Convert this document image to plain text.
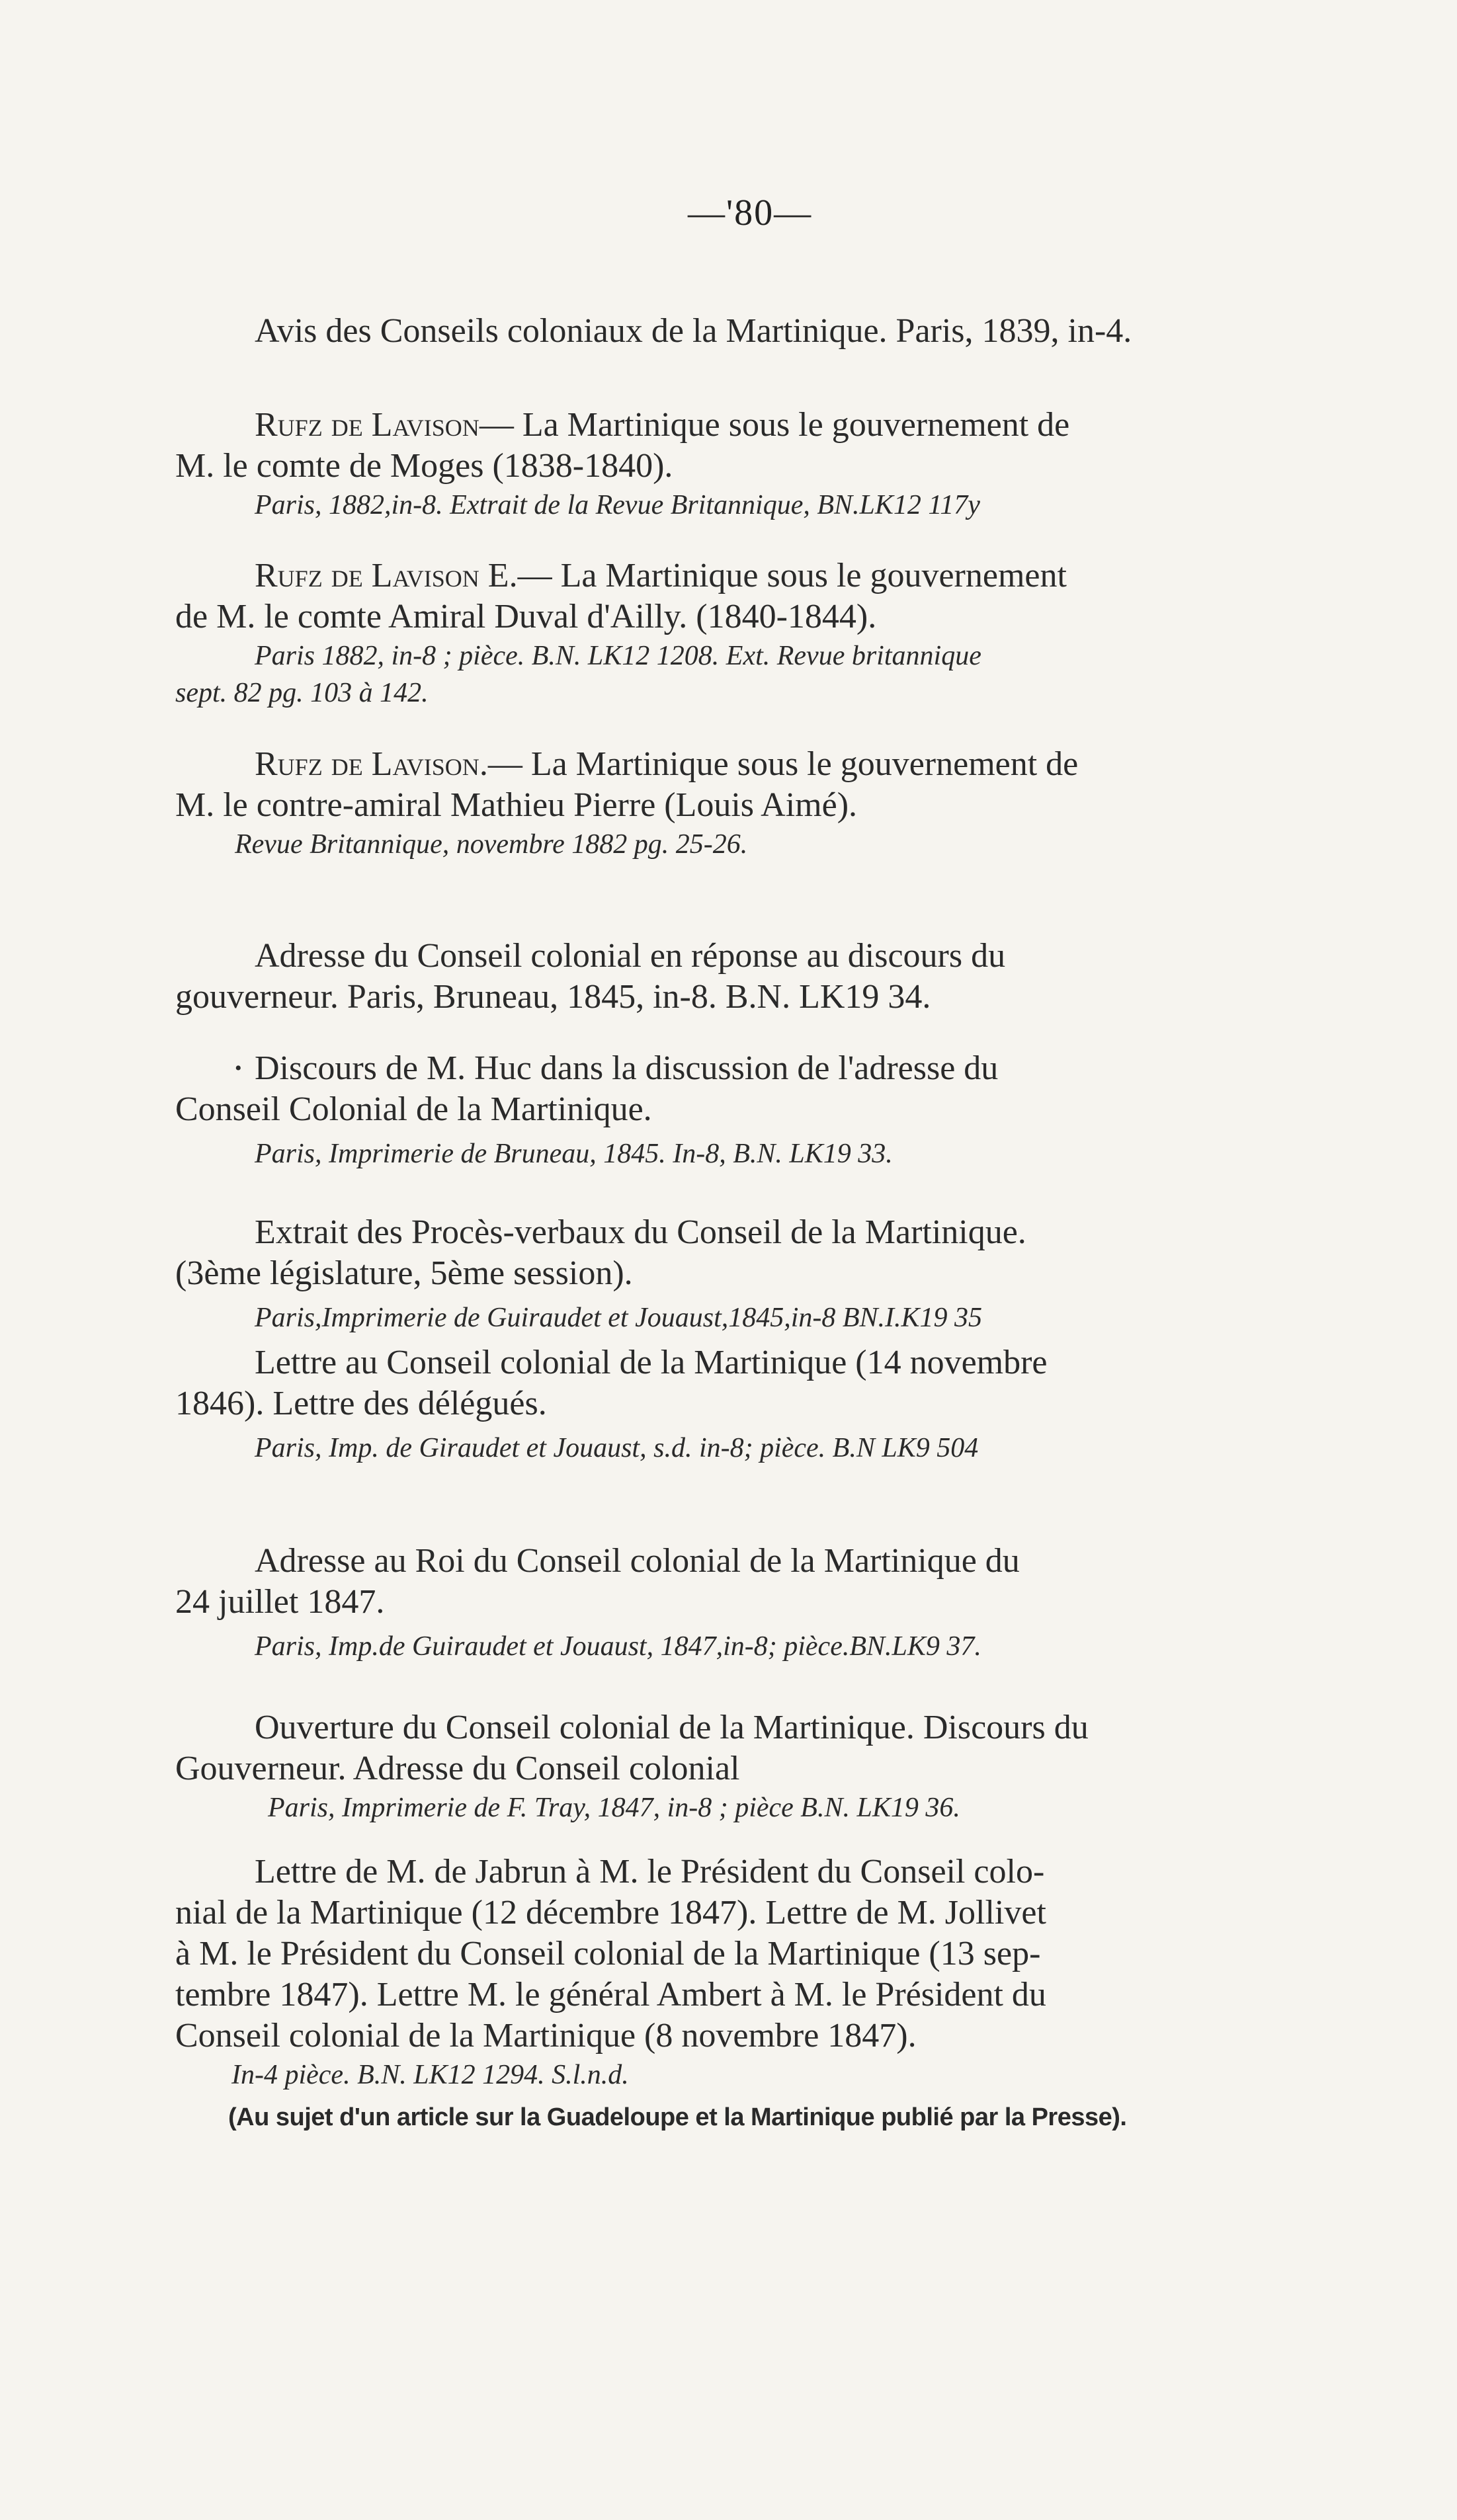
—'80—
Avis des Conseils coloniaux de la Martinique. Paris, 1839, in-4.
Rufz de Lavison— La Martinique sous le gouvernement de
M. le comte de Moges (1838-1840).
Paris, 1882,in-8. Extrait de la Revue Britannique, BN.LK12 117y
Rufz de Lavison E.— La Martinique sous le gouvernement
de M. le comte Amiral Duval d'Ailly. (1840-1844).
Paris 1882, in-8 ; pièce. B.N. LK12 1208. Ext. Revue britannique
sept. 82 pg. 103 à 142.
Rufz de Lavison.— La Martinique sous le gouvernement de
M. le contre-amiral Mathieu Pierre (Louis Aimé).
Revue Britannique, novembre 1882 pg. 25-26.
Adresse du Conseil colonial en réponse au discours du
gouverneur. Paris, Bruneau, 1845, in-8. B.N. LK19 34.
• Discours de M. Huc dans la discussion de l'adresse du
Conseil Colonial de la Martinique.
Paris, Imprimerie de Bruneau, 1845. In-8, B.N. LK19 33.
Extrait des Procès-verbaux du Conseil de la Martinique.
(3ème législature, 5ème session).
Paris,Imprimerie de Guiraudet et Jouaust,1845,in-8 BN.I.K19 35
Lettre au Conseil colonial de la Martinique (14 novembre
1846). Lettre des délégués.
Paris, Imp. de Giraudet et Jouaust, s.d. in-8; pièce. B.N LK9 504
Adresse au Roi du Conseil colonial de la Martinique du
24 juillet 1847.
Paris, Imp.de Guiraudet et Jouaust, 1847,in-8; pièce.BN.LK9 37.
Ouverture du Conseil colonial de la Martinique. Discours du
Gouverneur. Adresse du Conseil colonial
Paris, Imprimerie de F. Tray, 1847, in-8 ; pièce B.N. LK19 36.
Lettre de M. de Jabrun à M. le Président du Conseil colo-
nial de la Martinique (12 décembre 1847). Lettre de M. Jollivet
à M. le Président du Conseil colonial de la Martinique (13 sep-
tembre 1847). Lettre M. le général Ambert à M. le Président du
Conseil colonial de la Martinique (8 novembre 1847).
In-4 pièce. B.N. LK12 1294. S.l.n.d.
(Au sujet d'un article sur la Guadeloupe et la Martinique publié par la Presse).
